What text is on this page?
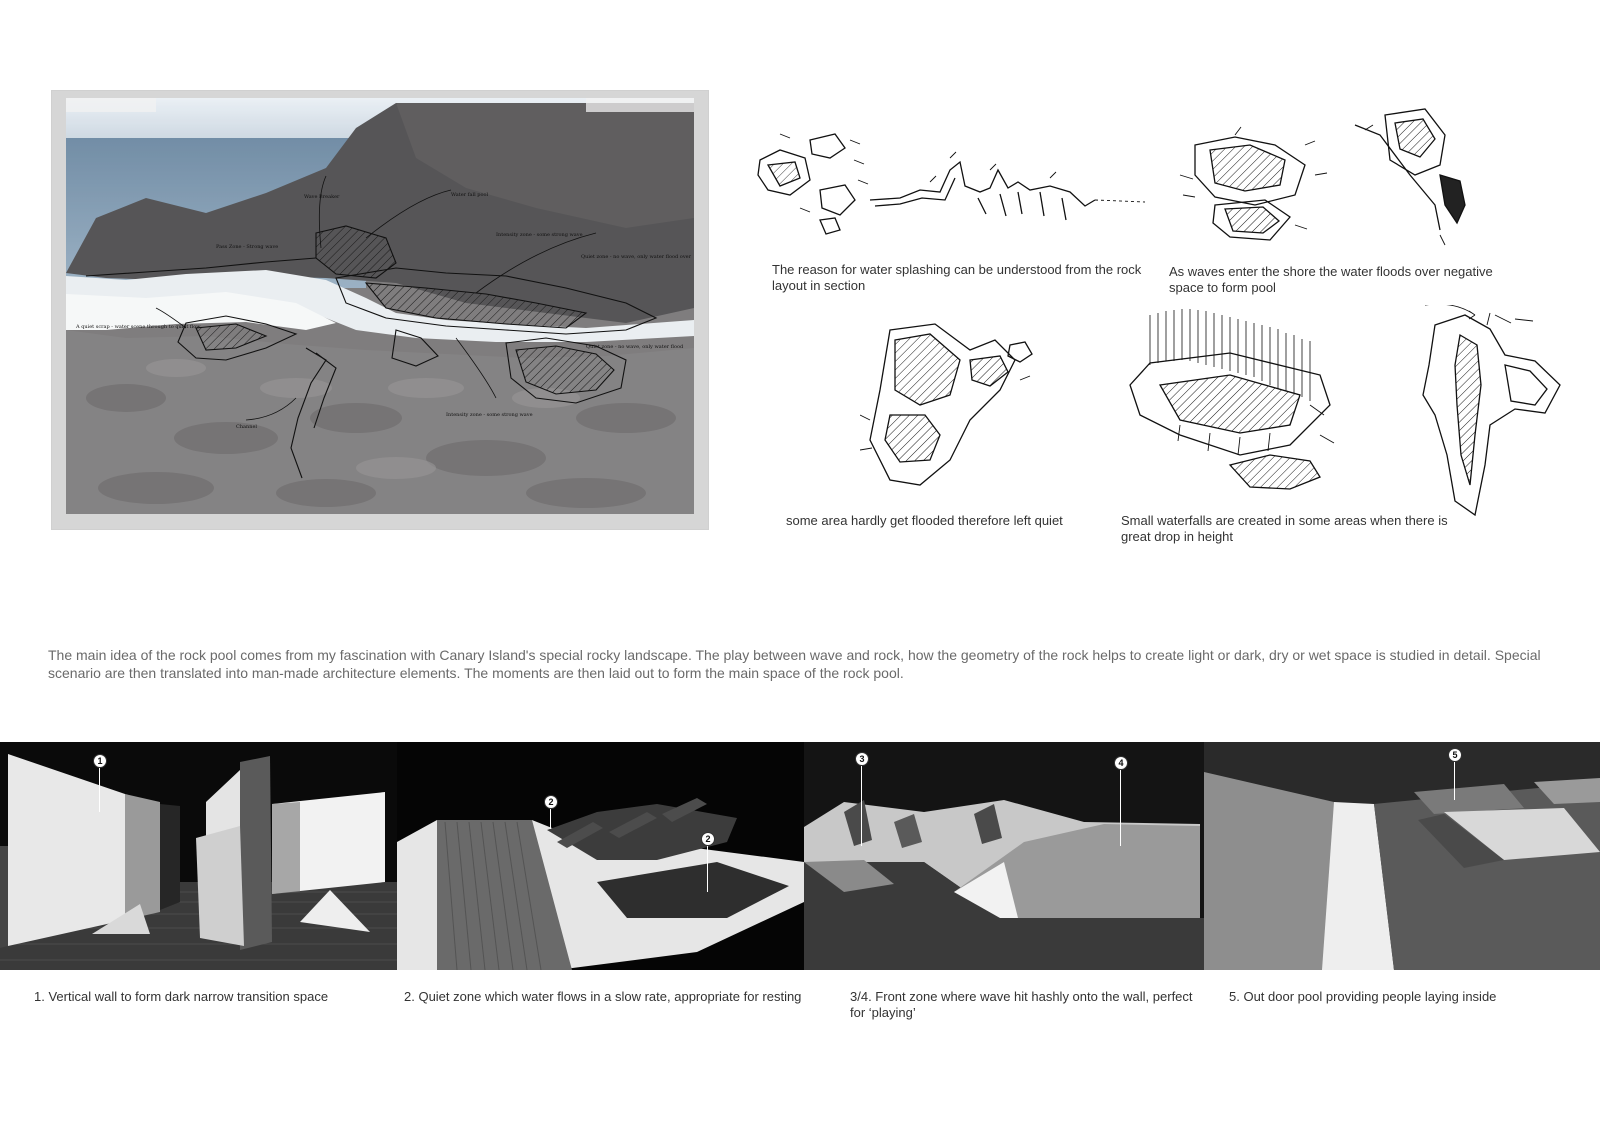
Wave Breaker	Water fall pool
Pass Zone - Strong wave
Intensity zone - some strong wave
Quiet zone - no wave, only water flood over
A quiet scrap - water scene through to quiet flow
Quiet zone - no wave, only water flood
Intensity zone - some strong wave
Channel
The reason for water splashing can be understood from the rock layout in section
As waves enter the shore the water floods over negative space to form pool
some area hardly get flooded therefore left quiet	Small waterfalls are created in some areas when there is great drop in height
The main idea of the rock pool comes from my fascination with Canary Island's special rocky landscape. The play between wave and rock, how the geometry of the rock helps to create light or dark, dry or wet space is studied in detail. Special scenario are then translated into man-made architecture elements. The moments are then laid out to form the main space of the rock pool.
1
2
2
3	4
5
1. Vertical wall to form dark narrow transition space	2. Quiet zone which water flows in a slow rate, appropriate for resting	3/4. Front zone where wave hit hashly onto the wall, perfect for ‘playing’
5. Out door pool providing people laying inside
